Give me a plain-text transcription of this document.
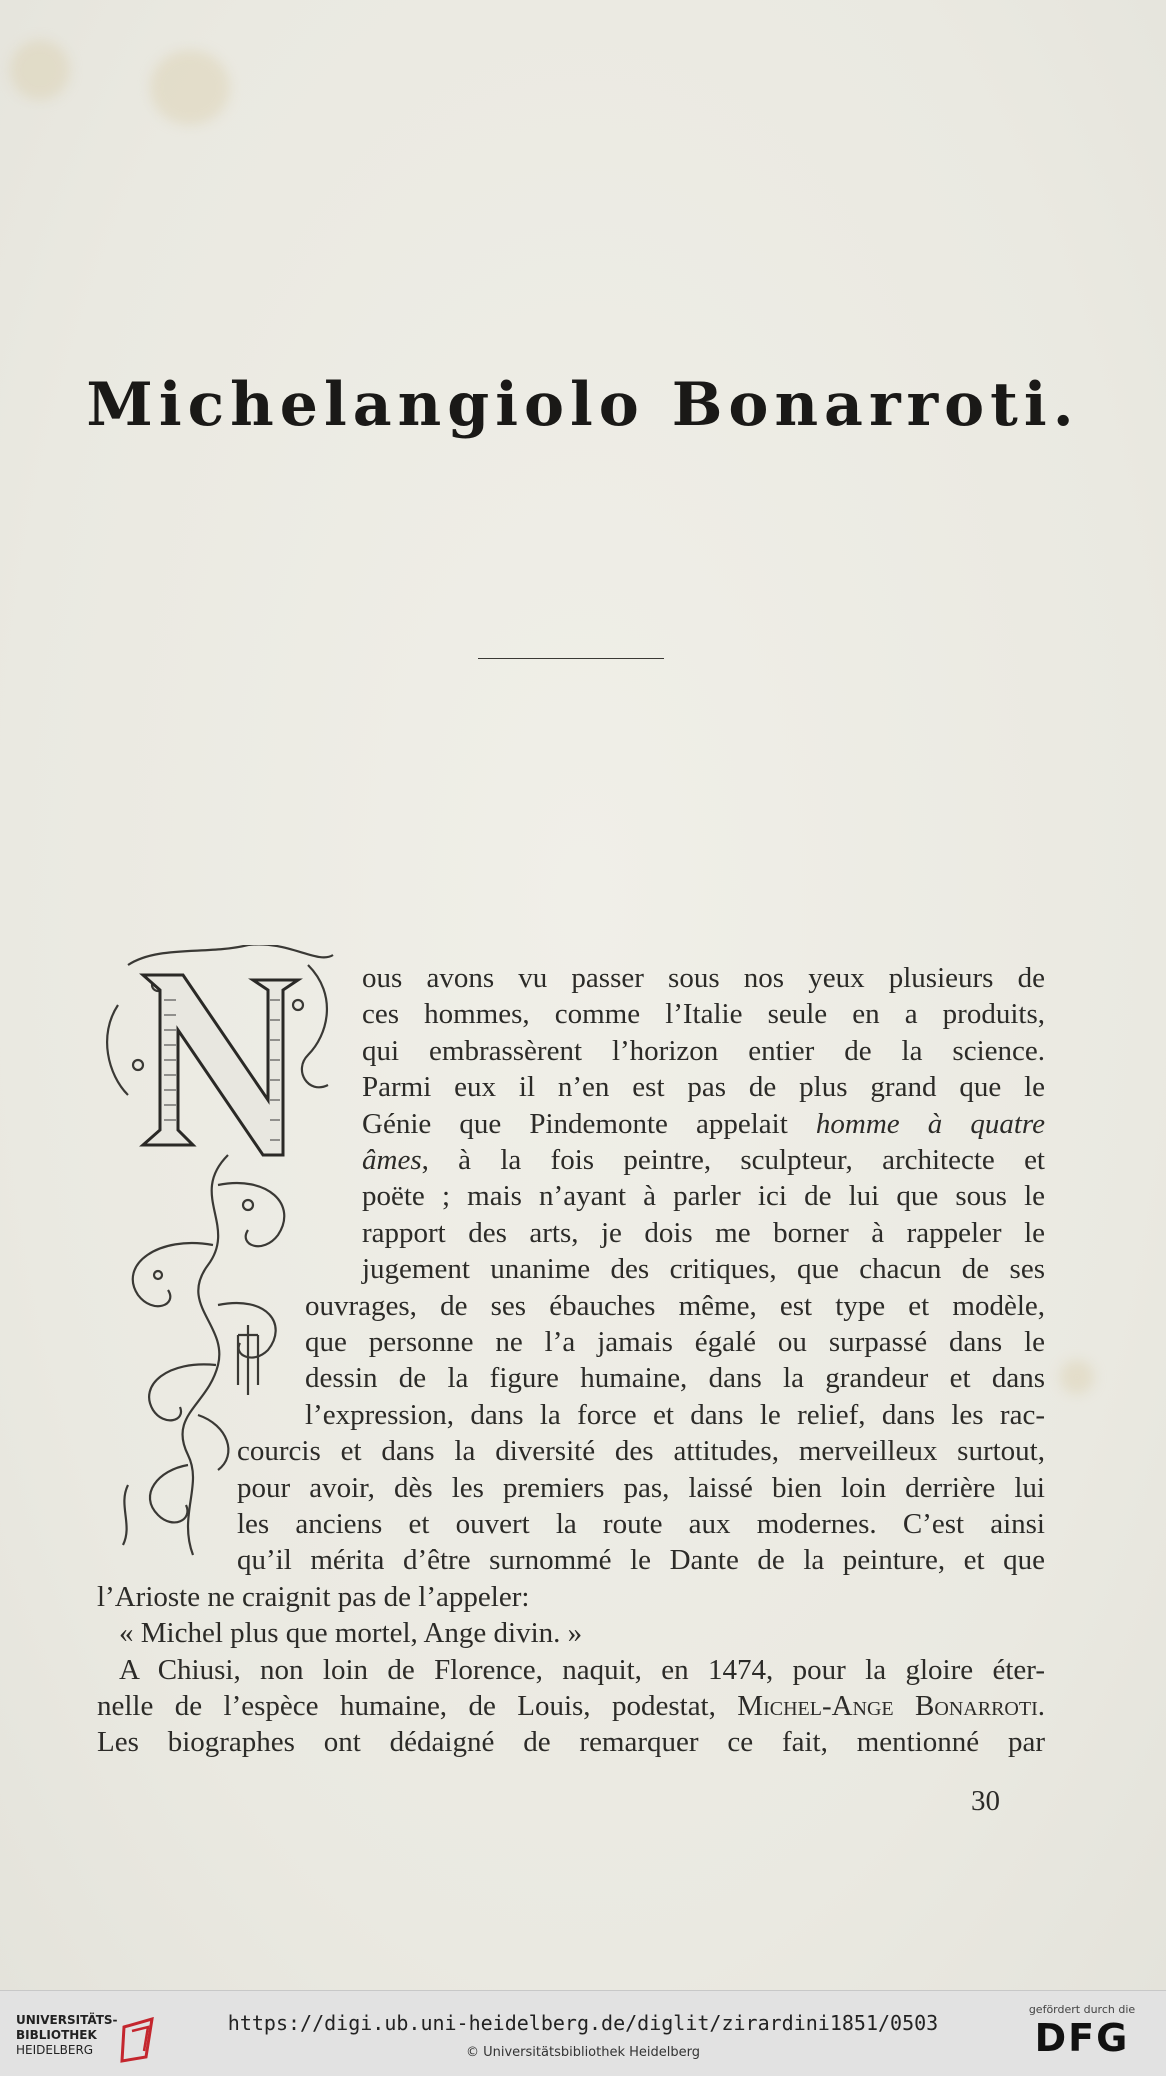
Michelangiolo Bonarroti.
N
ous avons vu passer sous nos yeux plusieurs de
ces hommes, comme l’Italie seule en a produits,
qui embrassèrent l’horizon entier de la science.
Parmi eux il n’en est pas de plus grand que le
Génie que Pindemonte appelait homme à quatre
âmes, à la fois peintre, sculpteur, architecte et
poëte ; mais n’ayant à parler ici de lui que sous le
rapport des arts, je dois me borner à rappeler le
jugement unanime des critiques, que chacun de ses
ouvrages, de ses ébauches même, est type et modèle,
que personne ne l’a jamais égalé ou surpassé dans le
dessin de la figure humaine, dans la grandeur et dans
l’expression, dans la force et dans le relief, dans les rac-
courcis et dans la diversité des attitudes, merveilleux surtout,
pour avoir, dès les premiers pas, laissé bien loin derrière lui
les anciens et ouvert la route aux modernes. C’est ainsi
qu’il mérita d’être surnommé le Dante de la peinture, et que
l’Arioste ne craignit pas de l’appeler:
« Michel plus que mortel, Ange divin. »
A Chiusi, non loin de Florence, naquit, en 1474, pour la gloire éter-
nelle de l’espèce humaine, de Louis, podestat, Michel-Ange Bonarroti.
Les biographes ont dédaigné de remarquer ce fait, mentionné par
30
UNIVERSITÄTS-
BIBLIOTHEK
HEIDELBERG
https://digi.ub.uni-heidelberg.de/diglit/zirardini1851/0503
© Universitätsbibliothek Heidelberg
gefördert durch die
DFG
